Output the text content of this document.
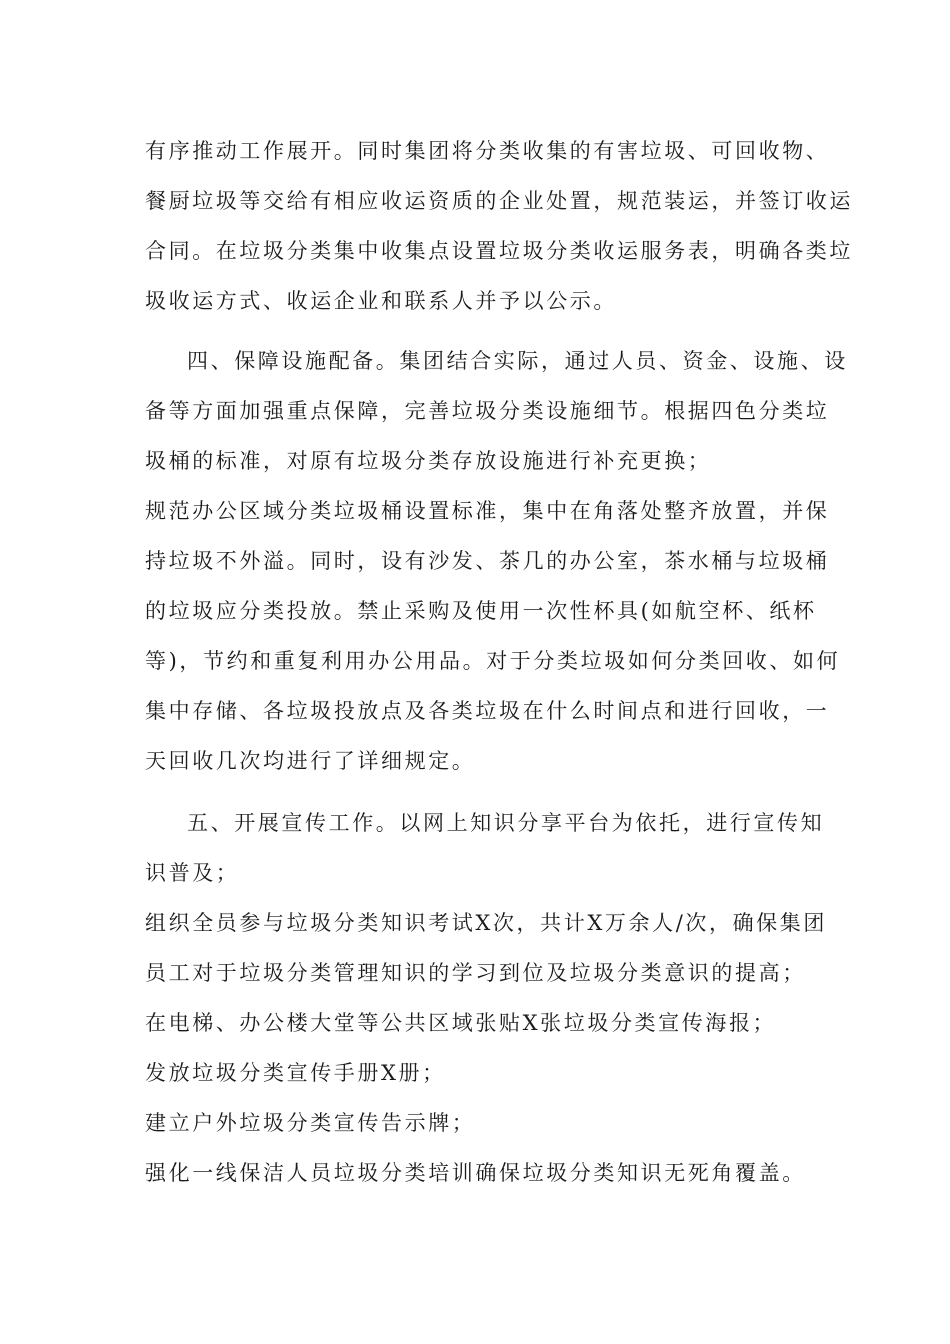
有序推动工作展开。同时集团将分类收集的有害垃圾、可回收物、
餐厨垃圾等交给有相应收运资质的企业处置，规范装运，并签订收运
合同。在垃圾分类集中收集点设置垃圾分类收运服务表，明确各类垃
圾收运方式、收运企业和联系人并予以公示。
四、保障设施配备。集团结合实际，通过人员、资金、设施、设
备等方面加强重点保障，完善垃圾分类设施细节。根据四色分类垃
圾桶的标准，对原有垃圾分类存放设施进行补充更换；
规范办公区域分类垃圾桶设置标准，集中在角落处整齐放置，并保
持垃圾不外溢。同时，设有沙发、茶几的办公室，茶水桶与垃圾桶
的垃圾应分类投放。禁止采购及使用一次性杯具(如航空杯、纸杯
等)，节约和重复利用办公用品。对于分类垃圾如何分类回收、如何
集中存储、各垃圾投放点及各类垃圾在什么时间点和进行回收，一
天回收几次均进行了详细规定。
五、开展宣传工作。以网上知识分享平台为依托，进行宣传知
识普及；
组织全员参与垃圾分类知识考试X次，共计X万余人/次，确保集团
员工对于垃圾分类管理知识的学习到位及垃圾分类意识的提高；
在电梯、办公楼大堂等公共区域张贴X张垃圾分类宣传海报；
发放垃圾分类宣传手册X册；
建立户外垃圾分类宣传告示牌；
强化一线保洁人员垃圾分类培训确保垃圾分类知识无死角覆盖。
